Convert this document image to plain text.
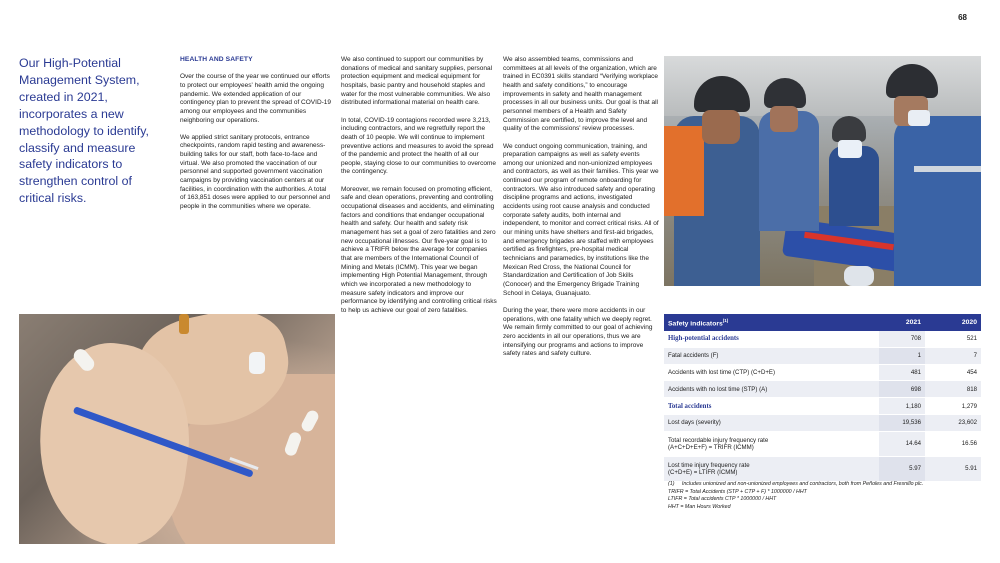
68
Our High-Potential Management System, created in 2021, incorporates a new methodology to identify, classify and measure safety indicators to strengthen control of critical risks.

HEALTH AND SAFETY

Over the course of the year we continued our efforts to protect our employees' health amid the ongoing pandemic. We extended application of our contingency plan to prevent the spread of COVID-19 among our employees and the communities neighboring our operations.

We applied strict sanitary protocols, entrance checkpoints, random rapid testing and awareness-building talks for our staff, both face-to-face and virtual. We also promoted the vaccination of our personnel and supported government vaccination campaigns by providing vaccination centers at our facilities, in coordination with the authorities. A total of 163,851 doses were applied to our personnel and people in the communities where we operate.

We also continued to support our communities by donations of medical and sanitary supplies, personal protection equipment and medical equipment for hospitals, basic pantry and household staples and water for the most vulnerable communities. We also distributed informational material on health care.

In total, COVID-19 contagions recorded were 3,213, including contractors, and we regretfully report the death of 10 people. We will continue to implement preventive actions and measures to avoid the spread of the pandemic and protect the health of all our people, staying close to our communities to overcome the contingency.

Moreover, we remain focused on promoting efficient, safe and clean operations, preventing and controlling occupational diseases and accidents, and eliminating factors and conditions that endanger occupational health and safety. Our health and safety risk management has set a goal of zero fatalities and zero new occupational illnesses. Our five-year goal is to achieve a TRIFR below the average for companies that are members of the International Council of Mining and Metals (ICMM). This year we began implementing High Potential Management, through which we incorporated a new methodology to measure safety indicators and improve our performance by identifying and controlling critical risks to help us achieve our goal of zero fatalities.

We also assembled teams, commissions and committees at all levels of the organization, which are trained in EC0391 skills standard “Verifying workplace health and safety conditions,” to encourage improvements in safety and health management processes in all our business units. Our goal is that all personnel members of a Health and Safety Commission are certified, to improve the level and quality of the commissions' review processes.

We conduct ongoing communication, training, and preparation campaigns as well as safety events among our unionized and non-unionized employees and contractors, as well as their families. This year we continued our program of remote onboarding for contractors. We also introduced safety and operating discipline programs and actions, investigated accidents using root cause analysis and conducted corporate safety audits, both internal and independent, to monitor and correct critical risks. All of our mining units have shelters and first-aid brigades, and emergency brigades are staffed with employees certified as firefighters, pre-hospital medical technicians and paramedics, by institutions like the Mexican Red Cross, the National Council for Standardization and Certification of Job Skills (Conocer) and the Emergency Brigade Training School in Celaya, Guanajuato.

During the year, there were more accidents in our operations, with one fatality which we deeply regret. We remain firmly committed to our goal of achieving zero accidents in all our operations, thus we are intensifying our programs and actions to improve safety rates and safety culture.

Safety indicators$^{(1)}$	2021	2020
High-potential accidents	708	521
Fatal accidents (F)	1	7
Accidents with lost time (CTP) (C+D+E)	481	454
Accidents with no lost time (STP) (A)	698	818
Total accidents	1,180	1,279
Lost days (severity)	19,536	23,602
Total recordable injury frequency rate
(A+C+D+E+F) = TRIFR (ICMM)	14.64	16.56
Lost time injury frequency rate
(C+D+E) = LTIFR (ICMM)	5.97	5.91
(1) Includes unionized and non-unionized employees and contractors, both from Peñoles and Fresnillo plc.
TRIFR = Total Accidents (STP + CTP + F) * 1000000 / HHT
LTIFR = Total accidents CTP * 1000000 / HHT
HHT = Man Hours Worked
